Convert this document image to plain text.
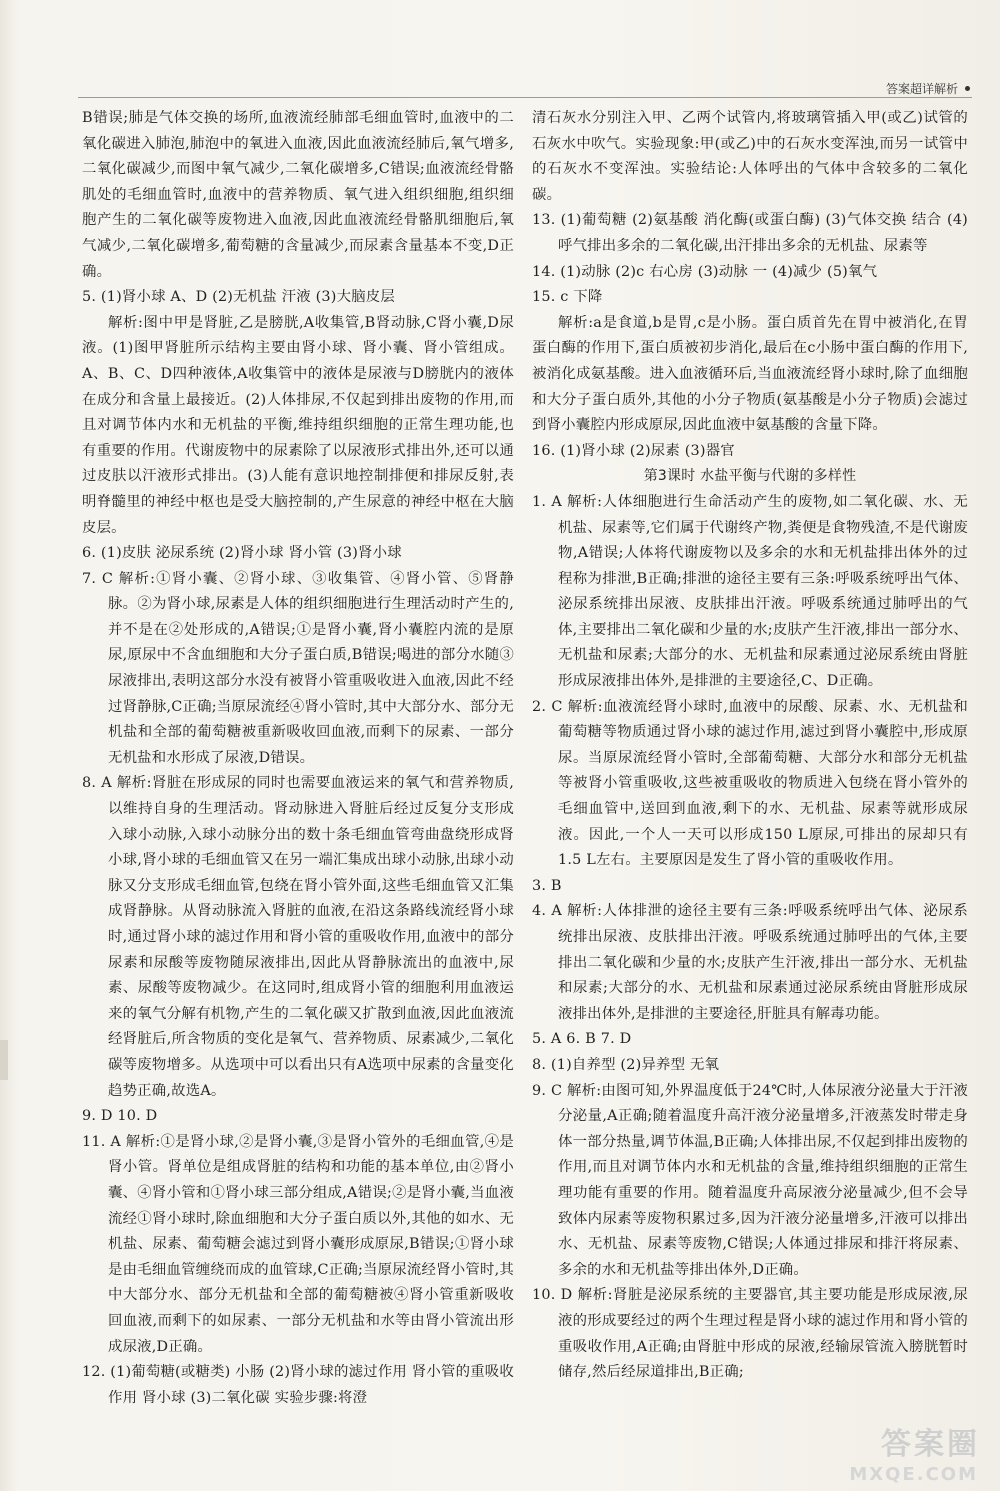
答案超详解析

B错误;肺是气体交换的场所,血液流经肺部毛细血管时,血液中的二氧化碳进入肺泡,肺泡中的氧进入血液,因此血液流经肺后,氧气增多,二氧化碳减少,而图中氧气减少,二氧化碳增多,C错误;血液流经骨骼肌处的毛细血管时,血液中的营养物质、氧气进入组织细胞,组织细胞产生的二氧化碳等废物进入血液,因此血液流经骨骼肌细胞后,氧气减少,二氧化碳增多,葡萄糖的含量减少,而尿素含量基本不变,D正确。

5. (1)肾小球 A、D (2)无机盐 汗液 (3)大脑皮层

解析:图中甲是肾脏,乙是膀胱,A收集管,B肾动脉,C肾小囊,D尿液。(1)图甲肾脏所示结构主要由肾小球、肾小囊、肾小管组成。A、B、C、D四种液体,A收集管中的液体是尿液与D膀胱内的液体在成分和含量上最接近。(2)人体排尿,不仅起到排出废物的作用,而且对调节体内水和无机盐的平衡,维持组织细胞的正常生理功能,也有重要的作用。代谢废物中的尿素除了以尿液形式排出外,还可以通过皮肤以汗液形式排出。(3)人能有意识地控制排便和排尿反射,表明脊髓里的神经中枢也是受大脑控制的,产生尿意的神经中枢在大脑皮层。

6. (1)皮肤 泌尿系统 (2)肾小球 肾小管 (3)肾小球

7. C 解析:①肾小囊、②肾小球、③收集管、④肾小管、⑤肾静脉。②为肾小球,尿素是人体的组织细胞进行生理活动时产生的,并不是在②处形成的,A错误;①是肾小囊,肾小囊腔内流的是原尿,原尿中不含血细胞和大分子蛋白质,B错误;喝进的部分水随③尿液排出,表明这部分水没有被肾小管重吸收进入血液,因此不经过肾静脉,C正确;当原尿流经④肾小管时,其中大部分水、部分无机盐和全部的葡萄糖被重新吸收回血液,而剩下的尿素、一部分无机盐和水形成了尿液,D错误。

8. A 解析:肾脏在形成尿的同时也需要血液运来的氧气和营养物质,以维持自身的生理活动。肾动脉进入肾脏后经过反复分支形成入球小动脉,入球小动脉分出的数十条毛细血管弯曲盘绕形成肾小球,肾小球的毛细血管又在另一端汇集成出球小动脉,出球小动脉又分支形成毛细血管,包绕在肾小管外面,这些毛细血管又汇集成肾静脉。从肾动脉流入肾脏的血液,在沿这条路线流经肾小球时,通过肾小球的滤过作用和肾小管的重吸收作用,血液中的部分尿素和尿酸等废物随尿液排出,因此从肾静脉流出的血液中,尿素、尿酸等废物减少。在这同时,组成肾小管的细胞利用血液运来的氧气分解有机物,产生的二氧化碳又扩散到血液,因此血液流经肾脏后,所含物质的变化是氧气、营养物质、尿素减少,二氧化碳等废物增多。从选项中可以看出只有A选项中尿素的含量变化趋势正确,故选A。

9. D 10. D

11. A 解析:①是肾小球,②是肾小囊,③是肾小管外的毛细血管,④是肾小管。肾单位是组成肾脏的结构和功能的基本单位,由②肾小囊、④肾小管和①肾小球三部分组成,A错误;②是肾小囊,当血液流经①肾小球时,除血细胞和大分子蛋白质以外,其他的如水、无机盐、尿素、葡萄糖会滤过到肾小囊形成原尿,B错误;①肾小球是由毛细血管缠绕而成的血管球,C正确;当原尿流经肾小管时,其中大部分水、部分无机盐和全部的葡萄糖被④肾小管重新吸收回血液,而剩下的如尿素、一部分无机盐和水等由肾小管流出形成尿液,D正确。

12. (1)葡萄糖(或糖类) 小肠 (2)肾小球的滤过作用 肾小管的重吸收作用 肾小球 (3)二氧化碳 实验步骤:将澄

清石灰水分别注入甲、乙两个试管内,将玻璃管插入甲(或乙)试管的石灰水中吹气。实验现象:甲(或乙)中的石灰水变浑浊,而另一试管中的石灰水不变浑浊。实验结论:人体呼出的气体中含较多的二氧化碳。

13. (1)葡萄糖 (2)氨基酸 消化酶(或蛋白酶) (3)气体交换 结合 (4)呼气排出多余的二氧化碳,出汗排出多余的无机盐、尿素等

14. (1)动脉 (2)c 右心房 (3)动脉 一 (4)减少 (5)氧气

15. c 下降

解析:a是食道,b是胃,c是小肠。蛋白质首先在胃中被消化,在胃蛋白酶的作用下,蛋白质被初步消化,最后在c小肠中蛋白酶的作用下,被消化成氨基酸。进入血液循环后,当血液流经肾小球时,除了血细胞和大分子蛋白质外,其他的小分子物质(氨基酸是小分子物质)会滤过到肾小囊腔内形成原尿,因此血液中氨基酸的含量下降。

16. (1)肾小球 (2)尿素 (3)器官

第3课时 水盐平衡与代谢的多样性

1. A 解析:人体细胞进行生命活动产生的废物,如二氧化碳、水、无机盐、尿素等,它们属于代谢终产物,粪便是食物残渣,不是代谢废物,A错误;人体将代谢废物以及多余的水和无机盐排出体外的过程称为排泄,B正确;排泄的途径主要有三条:呼吸系统呼出气体、泌尿系统排出尿液、皮肤排出汗液。呼吸系统通过肺呼出的气体,主要排出二氧化碳和少量的水;皮肤产生汗液,排出一部分水、无机盐和尿素;大部分的水、无机盐和尿素通过泌尿系统由肾脏形成尿液排出体外,是排泄的主要途径,C、D正确。

2. C 解析:血液流经肾小球时,血液中的尿酸、尿素、水、无机盐和葡萄糖等物质通过肾小球的滤过作用,滤过到肾小囊腔中,形成原尿。当原尿流经肾小管时,全部葡萄糖、大部分水和部分无机盐等被肾小管重吸收,这些被重吸收的物质进入包绕在肾小管外的毛细血管中,送回到血液,剩下的水、无机盐、尿素等就形成尿液。因此,一个人一天可以形成150 L原尿,可排出的尿却只有1.5 L左右。主要原因是发生了肾小管的重吸收作用。

3. B

4. A 解析:人体排泄的途径主要有三条:呼吸系统呼出气体、泌尿系统排出尿液、皮肤排出汗液。呼吸系统通过肺呼出的气体,主要排出二氧化碳和少量的水;皮肤产生汗液,排出一部分水、无机盐和尿素;大部分的水、无机盐和尿素通过泌尿系统由肾脏形成尿液排出体外,是排泄的主要途径,肝脏具有解毒功能。

5. A 6. B 7. D

8. (1)自养型 (2)异养型 无氧

9. C 解析:由图可知,外界温度低于24℃时,人体尿液分泌量大于汗液分泌量,A正确;随着温度升高汗液分泌量增多,汗液蒸发时带走身体一部分热量,调节体温,B正确;人体排出尿,不仅起到排出废物的作用,而且对调节体内水和无机盐的含量,维持组织细胞的正常生理功能有重要的作用。随着温度升高尿液分泌量减少,但不会导致体内尿素等废物积累过多,因为汗液分泌量增多,汗液可以排出水、无机盐、尿素等废物,C错误;人体通过排尿和排汗将尿素、多余的水和无机盐等排出体外,D正确。

10. D 解析:肾脏是泌尿系统的主要器官,其主要功能是形成尿液,尿液的形成要经过的两个生理过程是肾小球的滤过作用和肾小管的重吸收作用,A正确;由肾脏中形成的尿液,经输尿管流入膀胱暂时储存,然后经尿道排出,B正确;

答案圈
MXQE.COM
